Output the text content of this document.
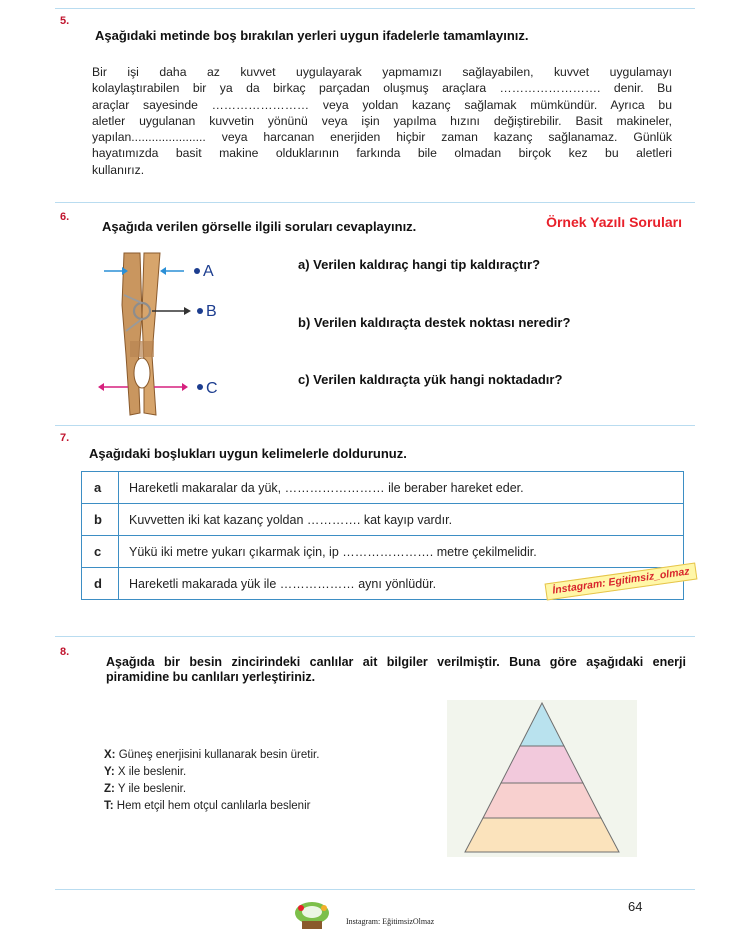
5.
Aşağıdaki metinde boş bırakılan yerleri uygun ifadelerle tamamlayınız.
Bir işi daha az kuvvet uygulayarak yapmamızı sağlayabilen, kuvvet uygulamayı
kolaylaştırabilen bir ya da birkaç parçadan oluşmuş araçlara ……………………. denir. Bu
araçlar sayesinde …………………… veya yoldan kazanç sağlamak mümkündür. Ayrıca bu
aletler uygulanan kuvvetin yönünü veya işin yapılma hızını değiştirebilir. Basit makineler,
yapılan...................... veya harcanan enerjiden hiçbir zaman kazanç sağlanamaz. Günlük
hayatımızda basit makine olduklarının farkında bile olmadan birçok kez bu aletleri
kullanırız.
6.
Aşağıda verilen görselle ilgili soruları cevaplayınız.	Örnek Yazılı Soruları
A
B
C
a) Verilen kaldıraç hangi tip kaldıraçtır?
b) Verilen kaldıraçta destek noktası neredir?
c) Verilen kaldıraçta yük hangi noktadadır?
7.
Aşağıdaki boşlukları uygun kelimelerle doldurunuz.
a	Hareketli makaralar da yük, …………………… ile beraber hareket eder.
b	Kuvvetten iki kat kazanç yoldan …………. kat kayıp vardır.
c	Yükü iki metre yukarı çıkarmak için, ip …………………. metre çekilmelidir.
d	Hareketli makarada yük ile ……………… aynı yönlüdür.	İnstagram: Egitimsiz_olmaz
8.
Aşağıda bir besin zincirindeki canlılar ait bilgiler verilmiştir. Buna göre aşağıdaki enerji
piramidine bu canlıları yerleştiriniz.
X: Güneş enerjisini kullanarak besin üretir.
Y: X ile beslenir.
Z: Y ile beslenir.
T: Hem etçil hem otçul canlılarla beslenir
64
Instagram: EğitimsizOlmaz
